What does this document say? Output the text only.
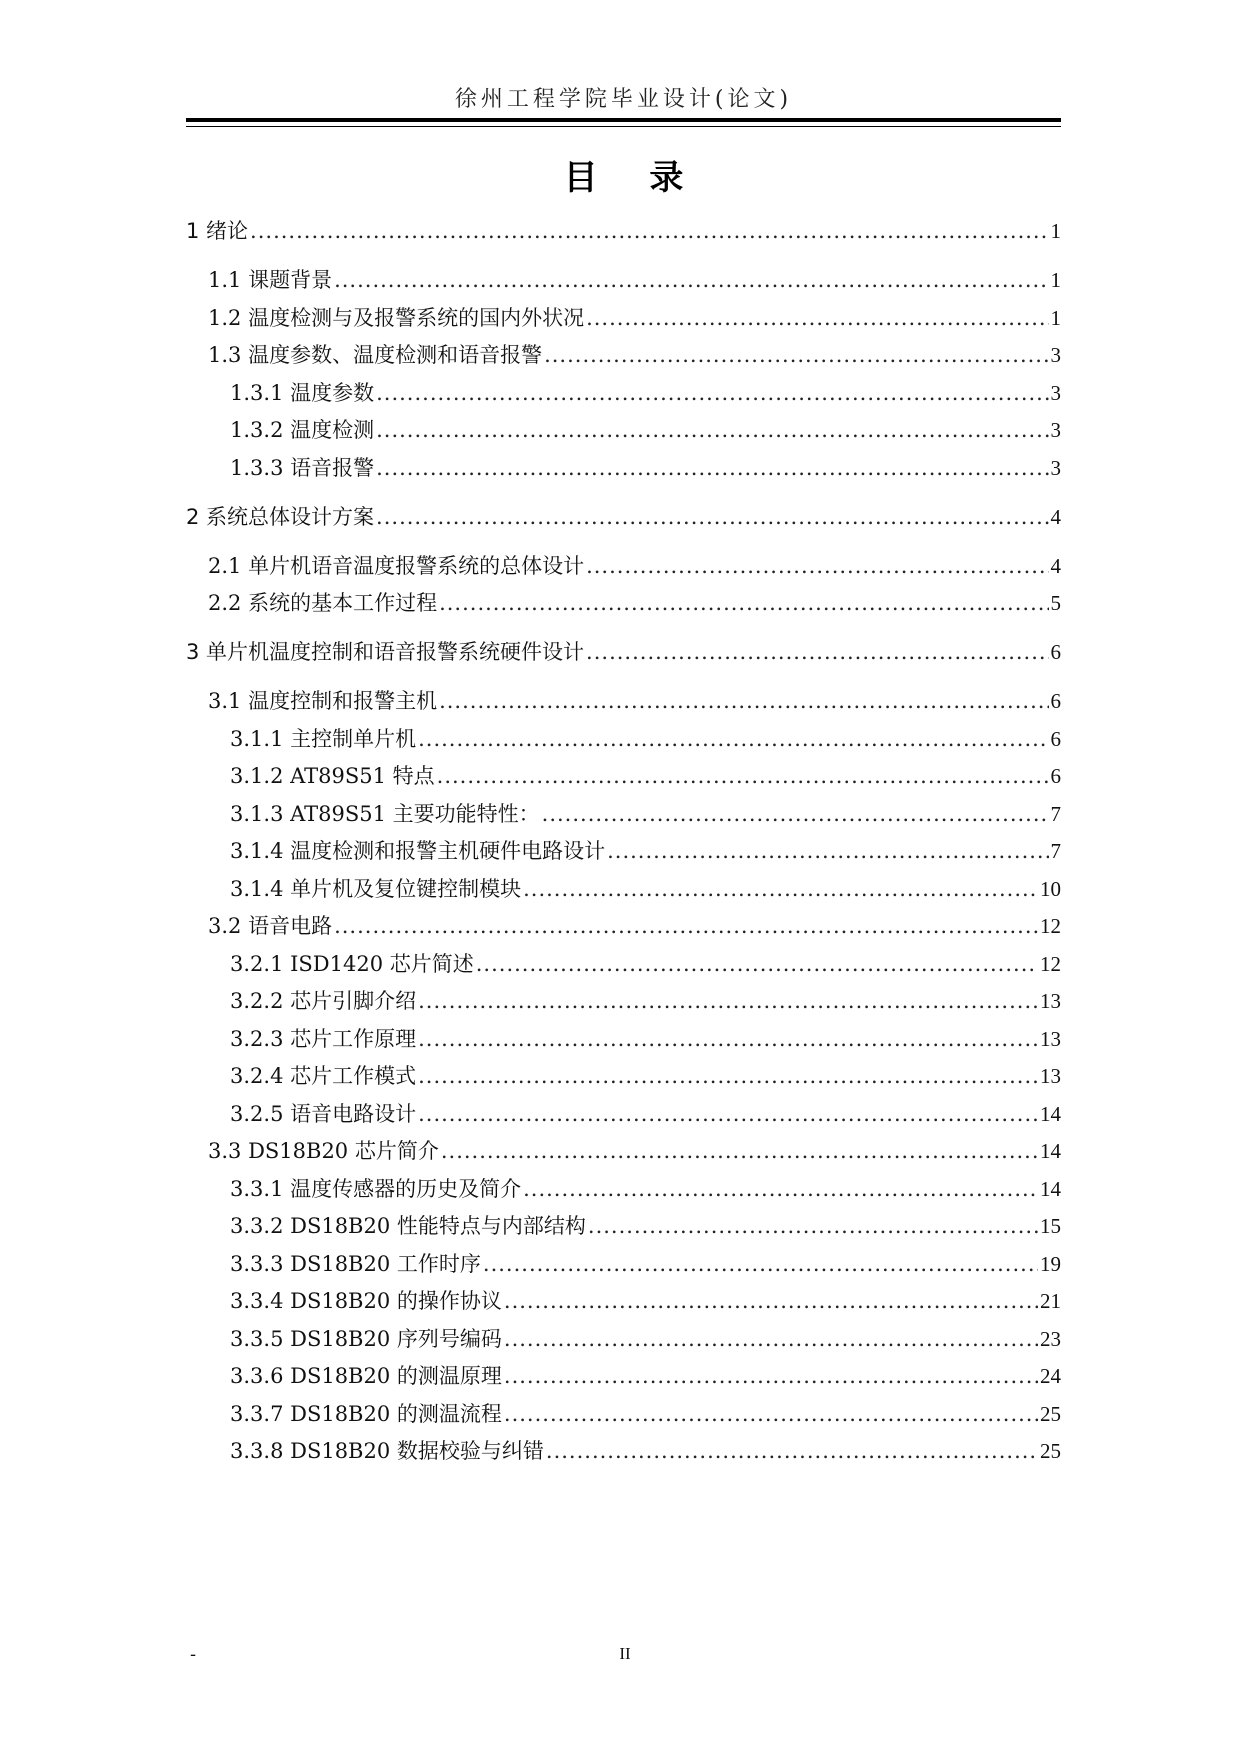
徐州工程学院毕业设计(论文)
目 录
1 绪论 .....	1
1.1 课题背景 .....	1
1.2 温度检测与及报警系统的国内外状况 .....	1
1.3 温度参数、温度检测和语音报警 .....	3
1.3.1 温度参数 .....	3
1.3.2 温度检测 .....	3
1.3.3 语音报警 .....	3
2 系统总体设计方案 .....	4
2.1 单片机语音温度报警系统的总体设计 .....	4
2.2 系统的基本工作过程 .....	5
3 单片机温度控制和语音报警系统硬件设计 .....	6
3.1 温度控制和报警主机 .....	6
3.1.1 主控制单片机 .....	6
3.1.2 AT89S51 特点 .....	6
3.1.3 AT89S51 主要功能特性： .....	7
3.1.4 温度检测和报警主机硬件电路设计 .....	7
3.1.4 单片机及复位键控制模块 .....	10
3.2 语音电路 .....	12
3.2.1 ISD1420 芯片简述 .....	12
3.2.2 芯片引脚介绍 .....	13
3.2.3 芯片工作原理 .....	13
3.2.4 芯片工作模式 .....	13
3.2.5 语音电路设计 .....	14
3.3 DS18B20 芯片简介 .....	14
3.3.1 温度传感器的历史及简介 .....	14
3.3.2 DS18B20 性能特点与内部结构 .....	15
3.3.3 DS18B20 工作时序 .....	19
3.3.4 DS18B20 的操作协议 .....	21
3.3.5 DS18B20 序列号编码 .....	23
3.3.6 DS18B20 的测温原理 .....	24
3.3.7 DS18B20 的测温流程 .....	25
3.3.8 DS18B20 数据校验与纠错 .....	25
-	II
